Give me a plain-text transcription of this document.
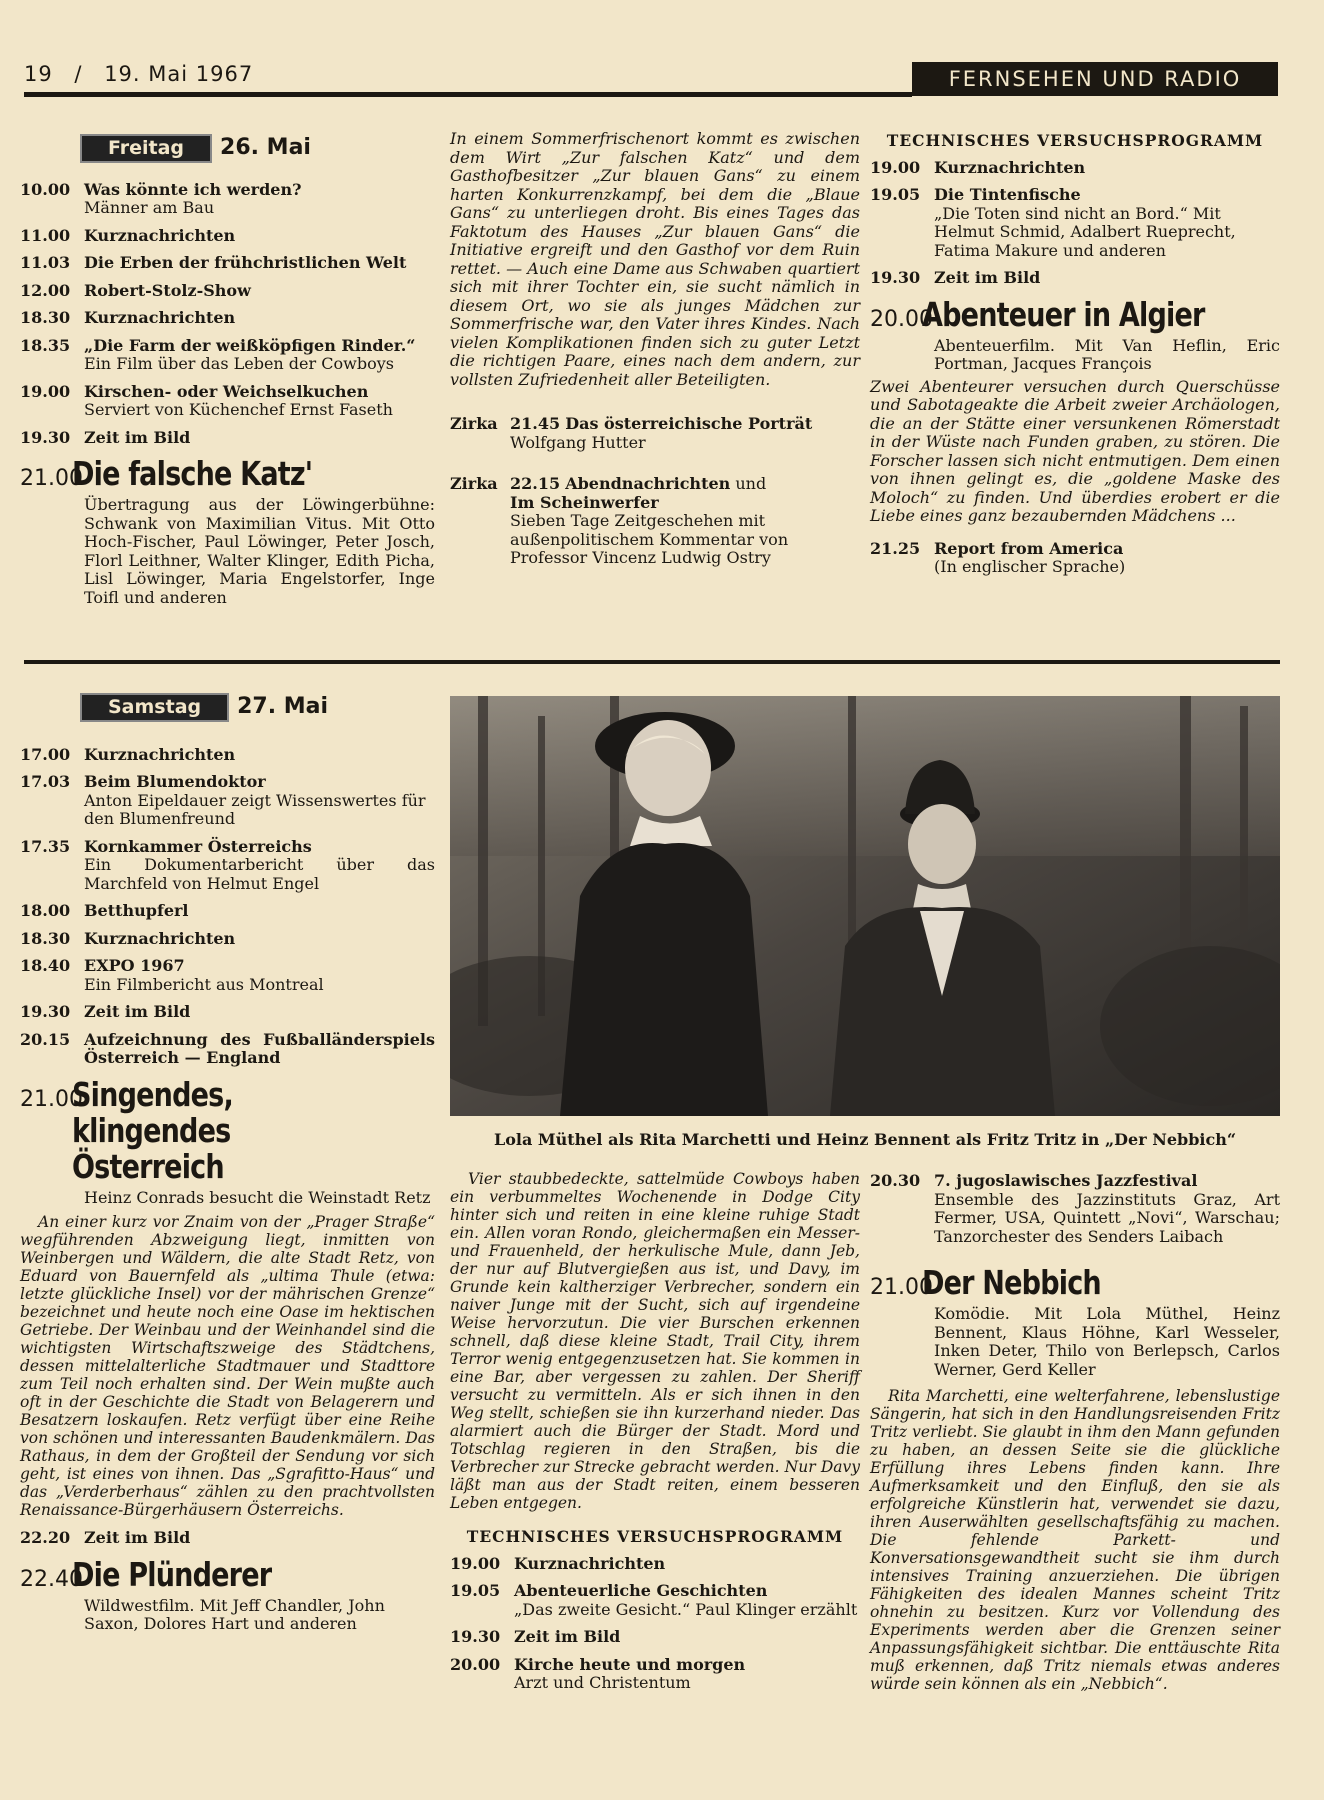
19 / 19. Mai 1967	FERNSEHEN UND RADIO
Freitag	26. Mai
10.00 Was könnte ich werden?
Männer am Bau
11.00 Kurznachrichten
11.03 Die Erben der frühchristlichen Welt
12.00 Robert-Stolz-Show
18.30 Kurznachrichten
18.35 „Die Farm der weißköpfigen Rinder.“
Ein Film über das Leben der Cowboys
19.00 Kirschen- oder Weichselkuchen
Serviert von Küchenchef Ernst Faseth
19.30 Zeit im Bild
21.00
Die falsche Katz'
Übertragung aus der Löwingerbühne: Schwank von Maximilian Vitus. Mit Otto Hoch-Fischer, Paul Löwinger, Peter Josch, Florl Leithner, Walter Klinger, Edith Picha, Lisl Löwinger, Maria Engelstorfer, Inge Toifl und anderen

In einem Sommerfrischenort kommt es zwischen dem Wirt „Zur falschen Katz“ und dem Gasthofbesitzer „Zur blauen Gans“ zu einem harten Konkurrenzkampf, bei dem die „Blaue Gans“ zu unterliegen droht. Bis eines Tages das Faktotum des Hauses „Zur blauen Gans“ die Initiative ergreift und den Gasthof vor dem Ruin rettet. — Auch eine Dame aus Schwaben quartiert sich mit ihrer Tochter ein, sie sucht nämlich in diesem Ort, wo sie als junges Mädchen zur Sommerfrische war, den Vater ihres Kindes. Nach vielen Komplikationen finden sich zu guter Letzt die richtigen Paare, eines nach dem andern, zur vollsten Zufriedenheit aller Beteiligten.

Zirka 21.45 Das österreichische Porträt
Wolfgang Hutter
Zirka 22.15 Abendnachrichten und
Im Scheinwerfer
Sieben Tage Zeitgeschehen mit außenpolitischem Kommentar von Professor Vincenz Ludwig Ostry
TECHNISCHES VERSUCHSPROGRAMM
19.00 Kurznachrichten
19.05 Die Tintenfische
„Die Toten sind nicht an Bord.“ Mit Helmut Schmid, Adalbert Rueprecht, Fatima Makure und anderen
19.30 Zeit im Bild
20.00
Abenteuer in Algier
Abenteuerfilm. Mit Van Heflin, Eric Portman, Jacques François

Zwei Abenteurer versuchen durch Querschüsse und Sabotageakte die Arbeit zweier Archäologen, die an der Stätte einer versunkenen Römerstadt in der Wüste nach Funden graben, zu stören. Die Forscher lassen sich nicht entmutigen. Dem einen von ihnen gelingt es, die „goldene Maske des Moloch“ zu finden. Und überdies erobert er die Liebe eines ganz bezaubernden Mädchens ...

21.25 Report from America
(In englischer Sprache)
Samstag	27. Mai
17.00 Kurznachrichten
17.03 Beim Blumendoktor
Anton Eipeldauer zeigt Wissenswertes für den Blumenfreund
17.35 Kornkammer Österreichs
Ein Dokumentarbericht über das Marchfeld von Helmut Engel
18.00 Betthupferl
18.30 Kurznachrichten
18.40 EXPO 1967
Ein Filmbericht aus Montreal
19.30 Zeit im Bild
20.15 Aufzeichnung des Fußballänderspiels Österreich — England
21.00
Singendes, klingendes Österreich
Heinz Conrads besucht die Weinstadt Retz

An einer kurz vor Znaim von der „Prager Straße“ wegführenden Abzweigung liegt, inmitten von Weinbergen und Wäldern, die alte Stadt Retz, von Eduard von Bauernfeld als „ultima Thule (etwa: letzte glückliche Insel) vor der mährischen Grenze“ bezeichnet und heute noch eine Oase im hektischen Getriebe. Der Weinbau und der Weinhandel sind die wichtigsten Wirtschaftszweige des Städtchens, dessen mittelalterliche Stadtmauer und Stadttore zum Teil noch erhalten sind. Der Wein mußte auch oft in der Geschichte die Stadt von Belagerern und Besatzern loskaufen. Retz verfügt über eine Reihe von schönen und interessanten Baudenkmälern. Das Rathaus, in dem der Großteil der Sendung vor sich geht, ist eines von ihnen. Das „Sgrafitto-Haus“ und das „Verderberhaus“ zählen zu den prachtvollsten Renaissance-Bürgerhäusern Österreichs.

22.20 Zeit im Bild
22.40
Die Plünderer
Wildwestfilm. Mit Jeff Chandler, John Saxon, Dolores Hart und anderen
Lola Müthel als Rita Marchetti und Heinz Bennent als Fritz Tritz in „Der Nebbich“

Vier staubbedeckte, sattelmüde Cowboys haben ein verbummeltes Wochenende in Dodge City hinter sich und reiten in eine kleine ruhige Stadt ein. Allen voran Rondo, gleichermaßen ein Messer- und Frauenheld, der herkulische Mule, dann Jeb, der nur auf Blutvergießen aus ist, und Davy, im Grunde kein kaltherziger Verbrecher, sondern ein naiver Junge mit der Sucht, sich auf irgendeine Weise hervorzutun. Die vier Burschen erkennen schnell, daß diese kleine Stadt, Trail City, ihrem Terror wenig entgegenzusetzen hat. Sie kommen in eine Bar, aber vergessen zu zahlen. Der Sheriff versucht zu vermitteln. Als er sich ihnen in den Weg stellt, schießen sie ihn kurzerhand nieder. Das alarmiert auch die Bürger der Stadt. Mord und Totschlag regieren in den Straßen, bis die Verbrecher zur Strecke gebracht werden. Nur Davy läßt man aus der Stadt reiten, einem besseren Leben entgegen.

TECHNISCHES VERSUCHSPROGRAMM
19.00 Kurznachrichten
19.05 Abenteuerliche Geschichten
„Das zweite Gesicht.“ Paul Klinger erzählt
19.30 Zeit im Bild
20.00 Kirche heute und morgen
Arzt und Christentum
20.30 7. jugoslawisches Jazzfestival
Ensemble des Jazzinstituts Graz, Art Fermer, USA, Quintett „Novi“, Warschau; Tanzorchester des Senders Laibach
21.00
Der Nebbich
Komödie. Mit Lola Müthel, Heinz Bennent, Klaus Höhne, Karl Wesseler, Inken Deter, Thilo von Berlepsch, Carlos Werner, Gerd Keller

Rita Marchetti, eine welterfahrene, lebenslustige Sängerin, hat sich in den Handlungsreisenden Fritz Tritz verliebt. Sie glaubt in ihm den Mann gefunden zu haben, an dessen Seite sie die glückliche Erfüllung ihres Lebens finden kann. Ihre Aufmerksamkeit und den Einfluß, den sie als erfolgreiche Künstlerin hat, verwendet sie dazu, ihren Auserwählten gesellschaftsfähig zu machen. Die fehlende Parkett- und Konversationsgewandtheit sucht sie ihm durch intensives Training anzuerziehen. Die übrigen Fähigkeiten des idealen Mannes scheint Tritz ohnehin zu besitzen. Kurz vor Vollendung des Experiments werden aber die Grenzen seiner Anpassungsfähigkeit sichtbar. Die enttäuschte Rita muß erkennen, daß Tritz niemals etwas anderes würde sein können als ein „Nebbich“.
